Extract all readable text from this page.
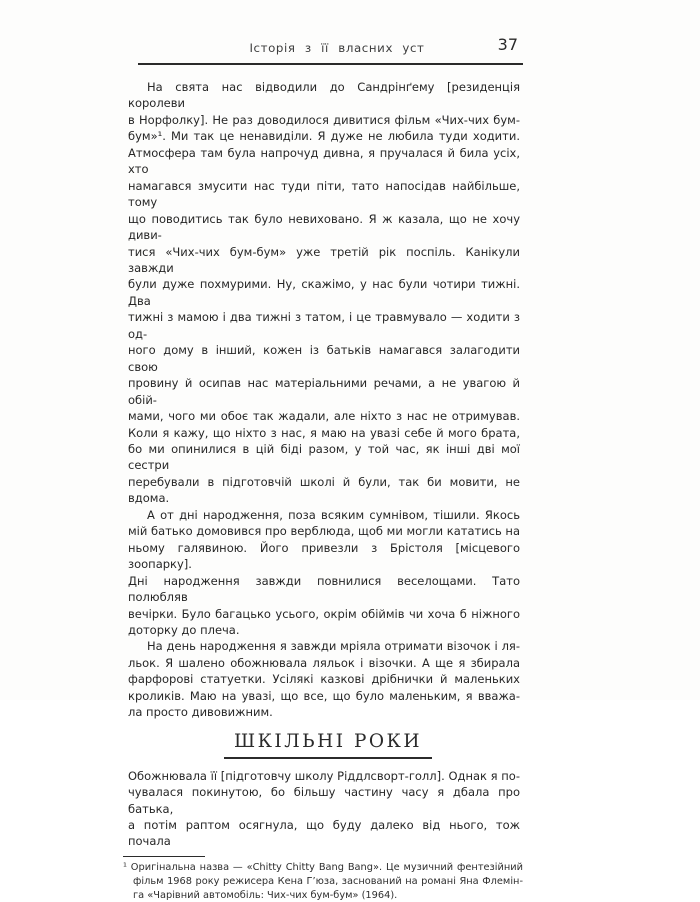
Історія з її власних уст	37
На свята нас відводили до Сандрінґему [резиденція королеви
в Норфолку]. Не раз доводилося дивитися фільм «Чих-чих бум-
бум»¹. Ми так це ненавиділи. Я дуже не любила туди ходити.
Атмосфера там була напрочуд дивна, я пручалася й била усіх, хто
намагався змусити нас туди піти, тато напосідав найбільше, тому
що поводитись так було невиховано. Я ж казала, що не хочу диви-
тися «Чих-чих бум-бум» уже третій рік поспіль. Канікули завжди
були дуже похмурими. Ну, скажімо, у нас були чотири тижні. Два
тижні з мамою і два тижні з татом, і це травмувало — ходити з од-
ного дому в інший, кожен із батьків намагався залагодити свою
провину й осипав нас матеріальними речами, а не увагою й обій-
мами, чого ми обоє так жадали, але ніхто з нас не отримував.
Коли я кажу, що ніхто з нас, я маю на увазі себе й мого брата,
бо ми опинилися в цій біді разом, у той час, як інші дві мої сестри
перебували в підготовчій школі й були, так би мовити, не вдома.
А от дні народження, поза всяким сумнівом, тішили. Якось
мій батько домовився про верблюда, щоб ми могли кататись на
ньому галявиною. Його привезли з Брістоля [місцевого зоопарку].
Дні народження завжди повнилися веселощами. Тато полюбляв
вечірки. Було багацько усього, окрім обіймів чи хоча б ніжного
доторку до плеча.
На день народження я завжди мріяла отримати візочок і ля-
льок. Я шалено обожнювала ляльок і візочки. А ще я збирала
фарфорові статуетки. Усілякі казкові дрібнички й маленьких
кроликів. Маю на увазі, що все, що було маленьким, я вважа-
ла просто дивовижним.
ШКІЛЬНІ РОКИ
Обожнювала її [підготовчу школу Ріддлсворт-голл]. Однак я по-
чувалася покинутою, бо більшу частину часу я дбала про батька,
а потім раптом осягнула, що буду далеко від нього, тож почала
¹ Оригінальна назва — «Chitty Chitty Bang Bang». Це музичний фентезійний
фільм 1968 року режисера Кена Г’юза, заснований на романі Яна Флемін-
га «Чарівний автомобіль: Чих-чих бум-бум» (1964).
